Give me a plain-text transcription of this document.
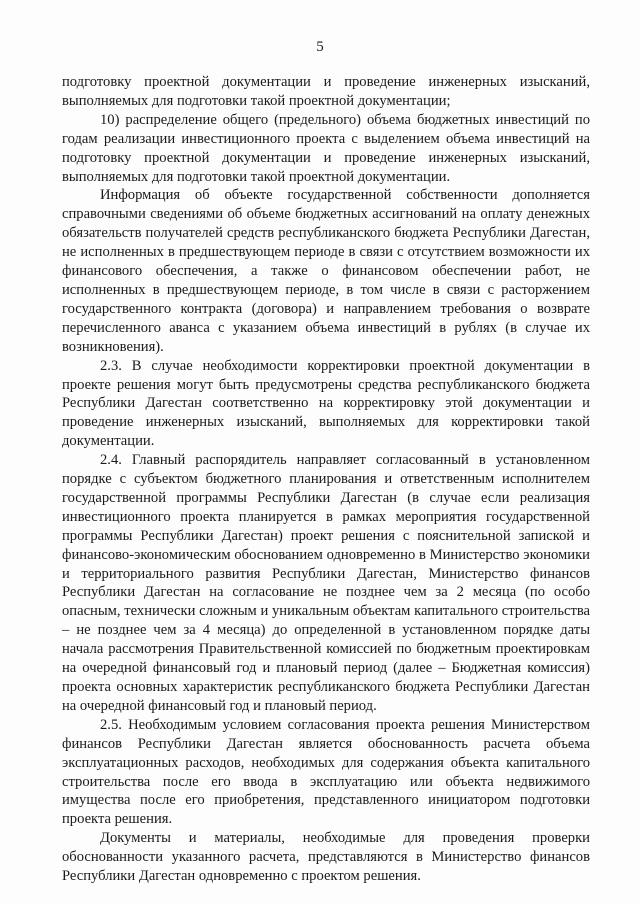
5

подготовку проектной документации и проведение инженерных изысканий, выполняемых для подготовки такой проектной документации;

10) распределение общего (предельного) объема бюджетных инвестиций по годам реализации инвестиционного проекта с выделением объема инвестиций на подготовку проектной документации и проведение инженерных изысканий, выполняемых для подготовки такой проектной документации.

Информация об объекте государственной собственности дополняется справочными сведениями об объеме бюджетных ассигнований на оплату денежных обязательств получателей средств республиканского бюджета Республики Дагестан, не исполненных в предшествующем периоде в связи с отсутствием возможности их финансового обеспечения, а также о финансовом обеспечении работ, не исполненных в предшествующем периоде, в том числе в связи с расторжением государственного контракта (договора) и направлением требования о возврате перечисленного аванса с указанием объема инвестиций в рублях (в случае их возникновения).

2.3. В случае необходимости корректировки проектной документации в проекте решения могут быть предусмотрены средства республиканского бюджета Республики Дагестан соответственно на корректировку этой документации и проведение инженерных изысканий, выполняемых для корректировки такой документации.

2.4. Главный распорядитель направляет согласованный в установленном порядке с субъектом бюджетного планирования и ответственным исполнителем государственной программы Республики Дагестан (в случае если реализация инвестиционного проекта планируется в рамках мероприятия государственной программы Республики Дагестан) проект решения с пояснительной запиской и финансово-экономическим обоснованием одновременно в Министерство экономики и территориального развития Республики Дагестан, Министерство финансов Республики Дагестан на согласование не позднее чем за 2 месяца (по особо опасным, технически сложным и уникальным объектам капитального строительства – не позднее чем за 4 месяца) до определенной в установленном порядке даты начала рассмотрения Правительственной комиссией по бюджетным проектировкам на очередной финансовый год и плановый период (далее – Бюджетная комиссия) проекта основных характеристик республиканского бюджета Республики Дагестан на очередной финансовый год и плановый период.

2.5. Необходимым условием согласования проекта решения Министерством финансов Республики Дагестан является обоснованность расчета объема эксплуатационных расходов, необходимых для содержания объекта капитального строительства после его ввода в эксплуатацию или объекта недвижимого имущества после его приобретения, представленного инициатором подготовки проекта решения.

Документы и материалы, необходимые для проведения проверки обоснованности указанного расчета, представляются в Министерство финансов Республики Дагестан одновременно с проектом решения.
